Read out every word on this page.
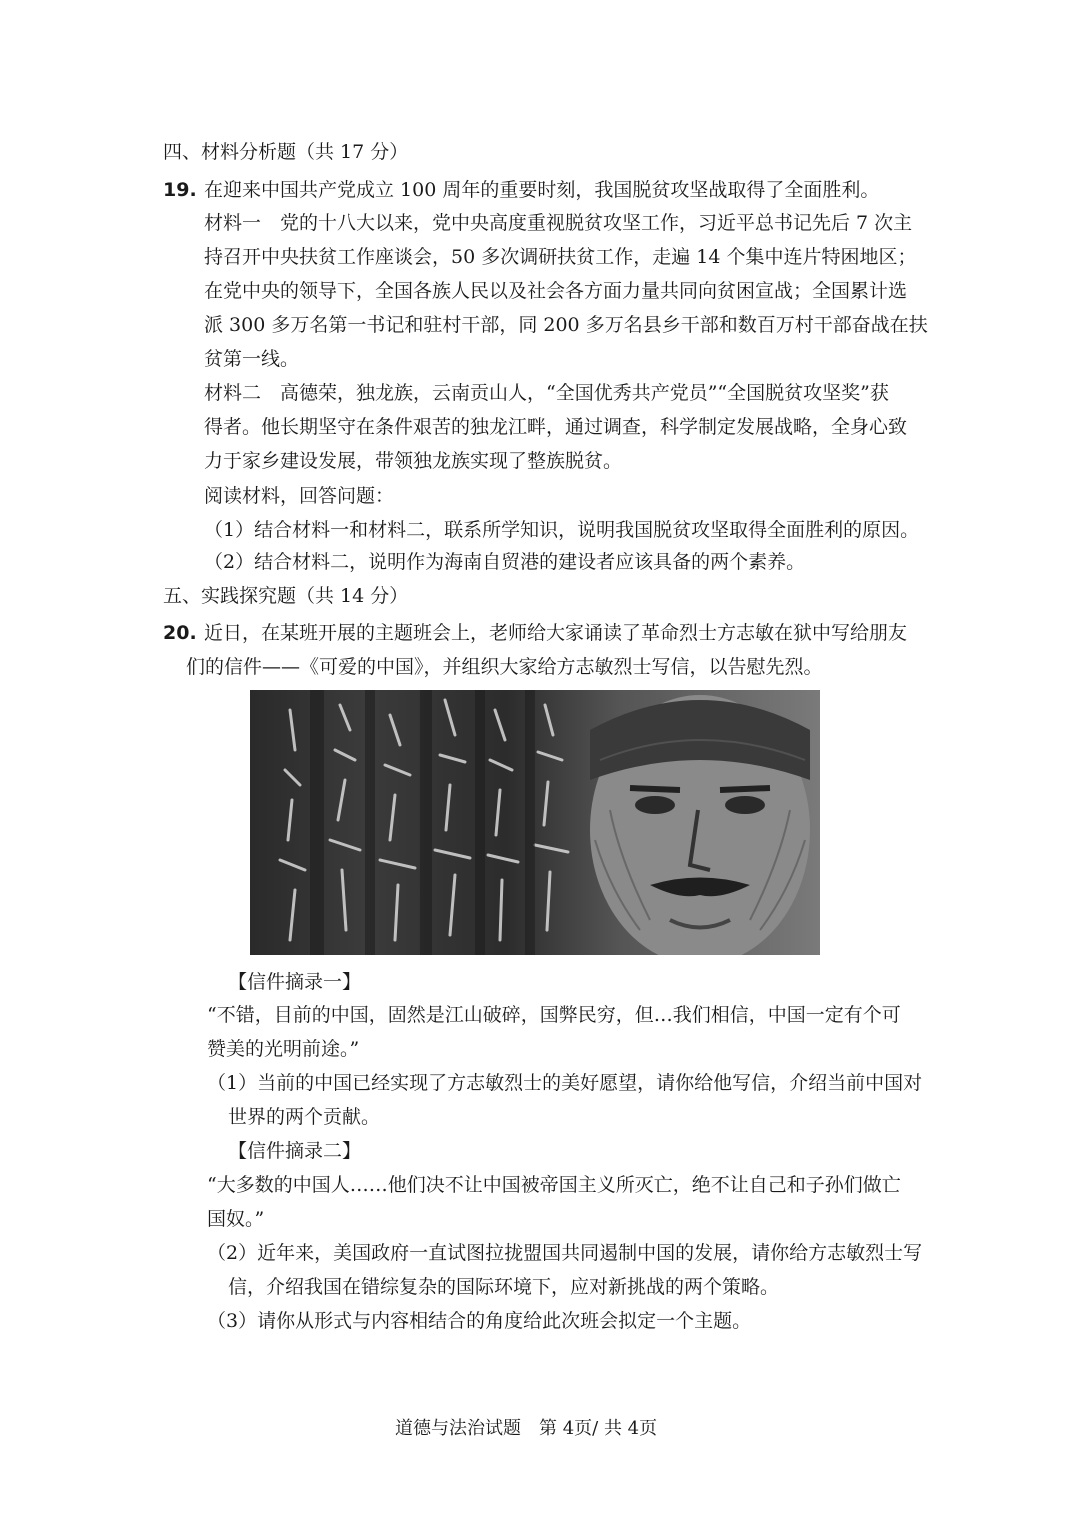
四、材料分析题（共 17 分）
19. 在迎来中国共产党成立 100 周年的重要时刻，我国脱贫攻坚战取得了全面胜利。
材料一　党的十八大以来，党中央高度重视脱贫攻坚工作，习近平总书记先后 7 次主
持召开中央扶贫工作座谈会，50 多次调研扶贫工作，走遍 14 个集中连片特困地区；
在党中央的领导下，全国各族人民以及社会各方面力量共同向贫困宣战；全国累计选
派 300 多万名第一书记和驻村干部，同 200 多万名县乡干部和数百万村干部奋战在扶
贫第一线。
材料二　高德荣，独龙族，云南贡山人，“全国优秀共产党员”“全国脱贫攻坚奖”获
得者。他长期坚守在条件艰苦的独龙江畔，通过调查，科学制定发展战略，全身心致
力于家乡建设发展，带领独龙族实现了整族脱贫。
阅读材料，回答问题：
（1）结合材料一和材料二，联系所学知识，说明我国脱贫攻坚取得全面胜利的原因。
（2）结合材料二，说明作为海南自贸港的建设者应该具备的两个素养。
五、实践探究题（共 14 分）
20. 近日，在某班开展的主题班会上，老师给大家诵读了革命烈士方志敏在狱中写给朋友
们的信件——《可爱的中国》，并组织大家给方志敏烈士写信，以告慰先烈。
【信件摘录一】
“不错，目前的中国，固然是江山破碎，国弊民穷，但…我们相信，中国一定有个可
赞美的光明前途。”
（1）当前的中国已经实现了方志敏烈士的美好愿望，请你给他写信，介绍当前中国对
世界的两个贡献。
【信件摘录二】
“大多数的中国人……他们决不让中国被帝国主义所灭亡，绝不让自己和子孙们做亡
国奴。”
（2）近年来，美国政府一直试图拉拢盟国共同遏制中国的发展，请你给方志敏烈士写
信，介绍我国在错综复杂的国际环境下，应对新挑战的两个策略。
（3）请你从形式与内容相结合的角度给此次班会拟定一个主题。
道德与法治试题　第 4页/ 共 4页
